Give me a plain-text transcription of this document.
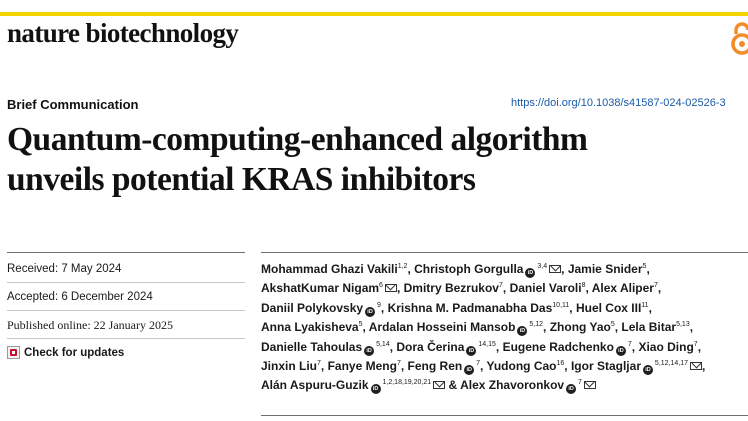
nature biotechnology
Brief Communication	https://doi.org/10.1038/s41587-024-02526-3
Quantum-computing-enhanced algorithm
unveils potential KRAS inhibitors
Received: 7 May 2024
Accepted: 6 December 2024
Published online: 22 January 2025
Check for updates
Mohammad Ghazi Vakili$^{1,2}$, Christoph Gorgulla iD $^{3,4}$ , Jamie Snider$^5$, AkshatKumar Nigam$^6$ , Dmitry Bezrukov$^7$, Daniel Varoli$^8$, Alex Aliper$^7$, Daniil Polykovsky iD $^9$, Krishna M. Padmanabha Das$^{10,11}$, Huel Cox III$^{11}$, Anna Lyakisheva$^5$, Ardalan Hosseini Mansob iD $^{5,12}$, Zhong Yao$^5$, Lela Bitar$^{5,13}$, Danielle Tahoulas iD $^{5,14}$, Dora Čerina iD $^{14,15}$, Eugene Radchenko iD $^7$, Xiao Ding$^7$, Jinxin Liu$^7$, Fanye Meng$^7$, Feng Ren iD $^7$, Yudong Cao$^{16}$, Igor Stagljar iD $^{5,12,14,17}$ , Alán Aspuru-Guzik iD $^{1,2,18,19,20,21}$ & Alex Zhavoronkov iD $^7$
